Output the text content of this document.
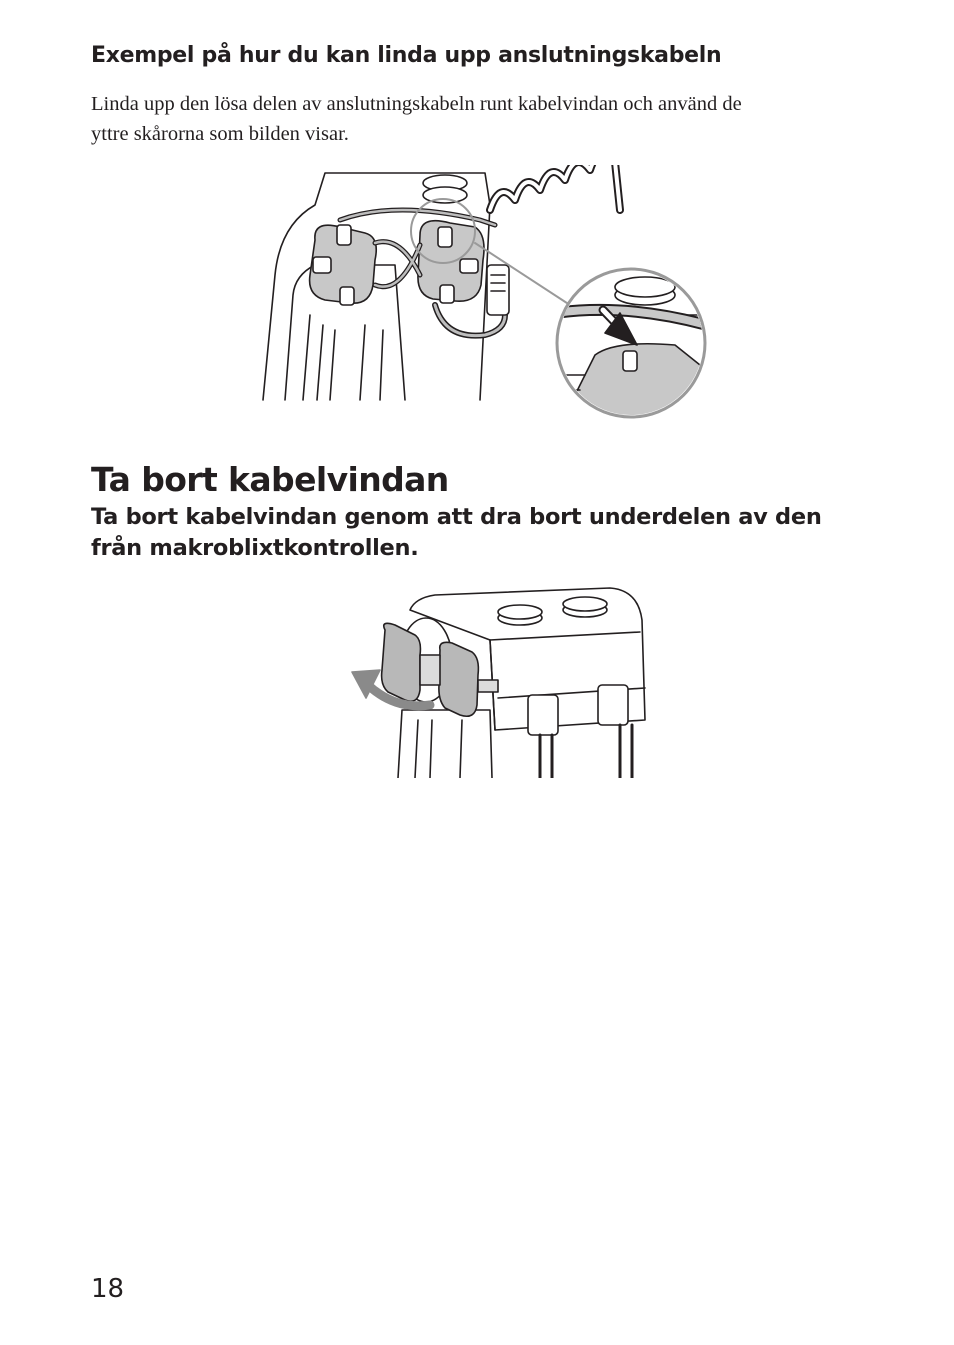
Exempel på hur du kan linda upp anslutningskabeln

Linda upp den lösa delen av anslutningskabeln runt kabelvindan och använd de
yttre skårorna som bilden visar.

Ta bort kabelvindan

Ta bort kabelvindan genom att dra bort underdelen av den
från makroblixtkontrollen.

18
